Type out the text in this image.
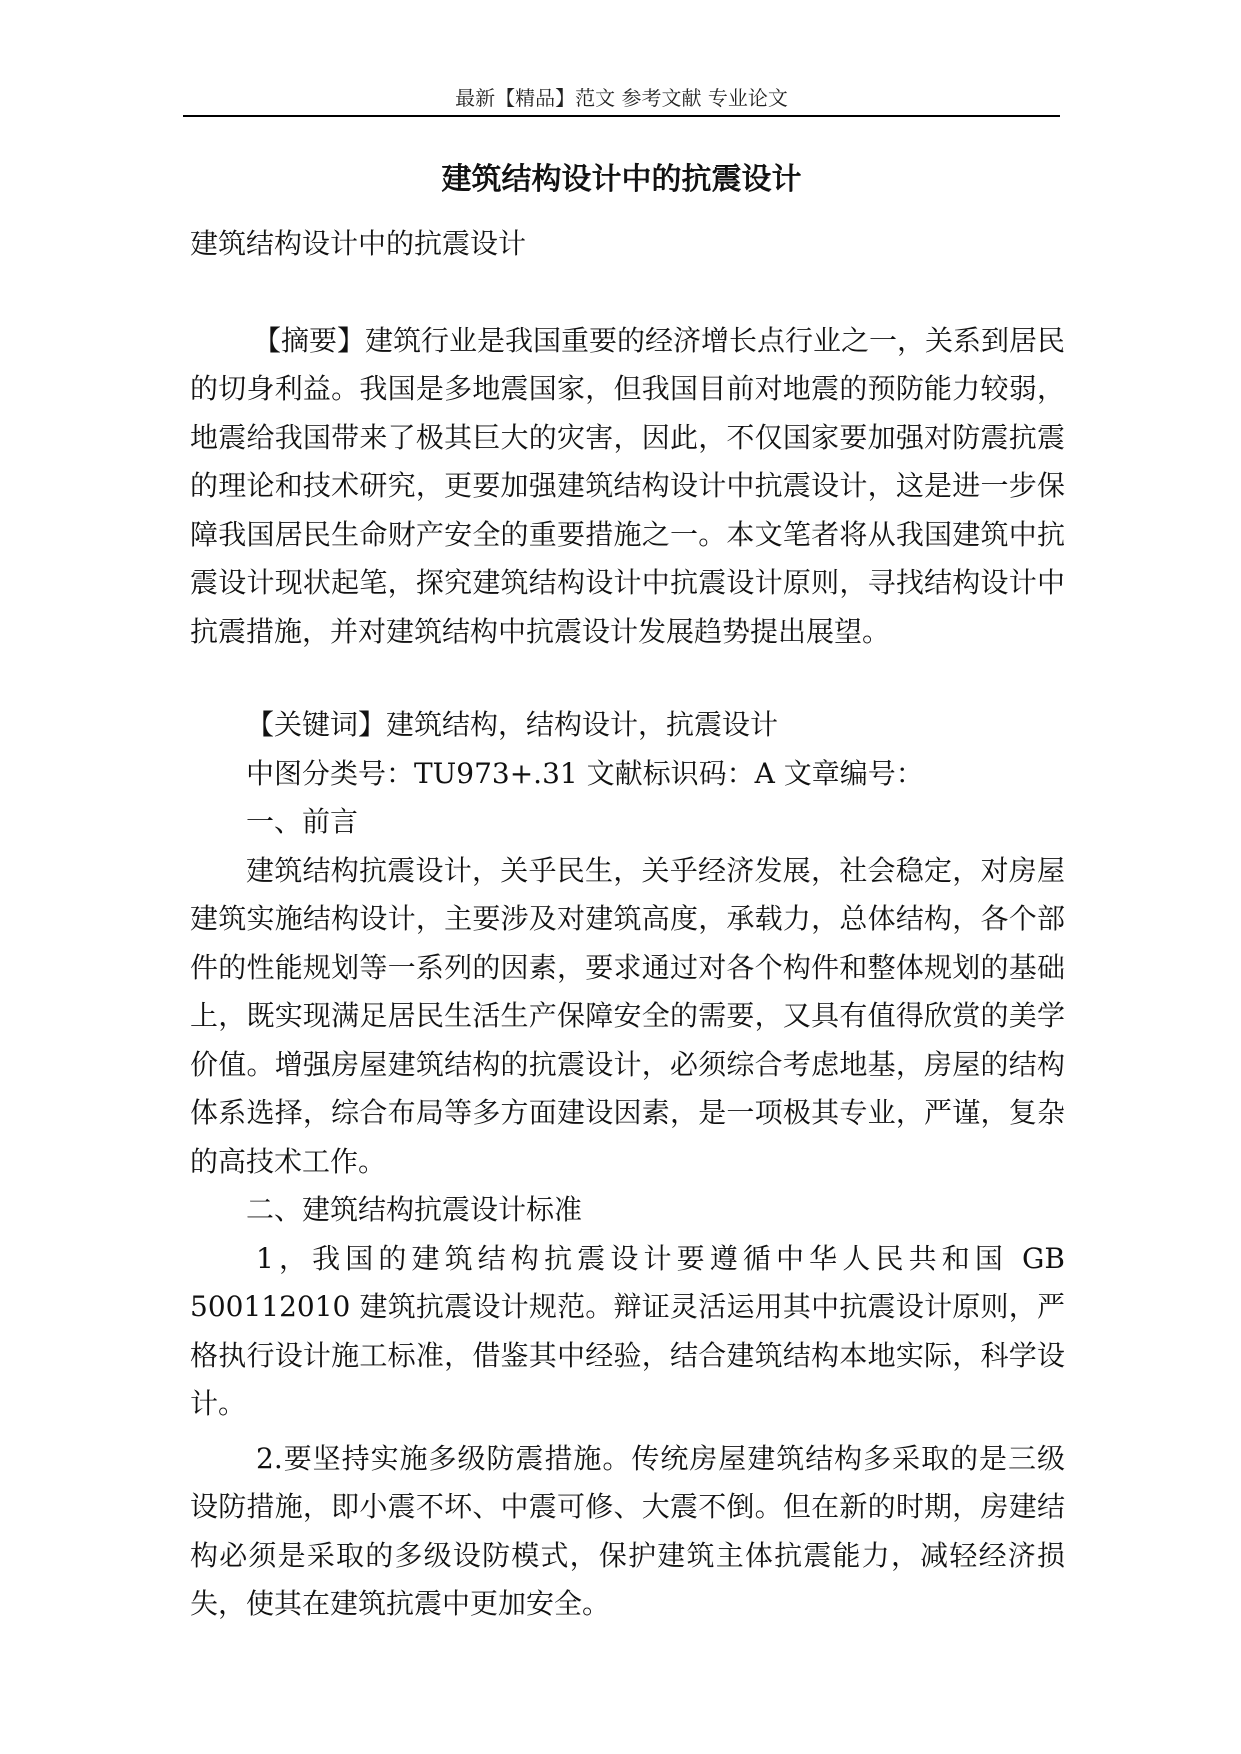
最新【精品】范文 参考文献 专业论文
建筑结构设计中的抗震设计

建筑结构设计中的抗震设计

【摘要】建筑行业是我国重要的经济增长点行业之一，关系到居民的切身利益。我国是多地震国家，但我国目前对地震的预防能力较弱，地震给我国带来了极其巨大的灾害，因此，不仅国家要加强对防震抗震的理论和技术研究，更要加强建筑结构设计中抗震设计，这是进一步保障我国居民生命财产安全的重要措施之一。本文笔者将从我国建筑中抗震设计现状起笔，探究建筑结构设计中抗震设计原则，寻找结构设计中抗震措施，并对建筑结构中抗震设计发展趋势提出展望。

【关键词】建筑结构，结构设计，抗震设计

中图分类号：TU973+.31 文献标识码：A 文章编号：

一、前言

建筑结构抗震设计，关乎民生，关乎经济发展，社会稳定，对房屋建筑实施结构设计，主要涉及对建筑高度，承载力，总体结构，各个部件的性能规划等一系列的因素，要求通过对各个构件和整体规划的基础上，既实现满足居民生活生产保障安全的需要，又具有值得欣赏的美学价值。增强房屋建筑结构的抗震设计，必须综合考虑地基，房屋的结构体系选择，综合布局等多方面建设因素，是一项极其专业，严谨，复杂的高技术工作。

二、建筑结构抗震设计标准

1，我国的建筑结构抗震设计要遵循中华人民共和国 GB 500112010 建筑抗震设计规范。辩证灵活运用其中抗震设计原则，严格执行设计施工标准，借鉴其中经验，结合建筑结构本地实际，科学设计。

2.要坚持实施多级防震措施。传统房屋建筑结构多采取的是三级设防措施，即小震不坏、中震可修、大震不倒。但在新的时期，房建结构必须是采取的多级设防模式，保护建筑主体抗震能力，减轻经济损失，使其在建筑抗震中更加安全。
